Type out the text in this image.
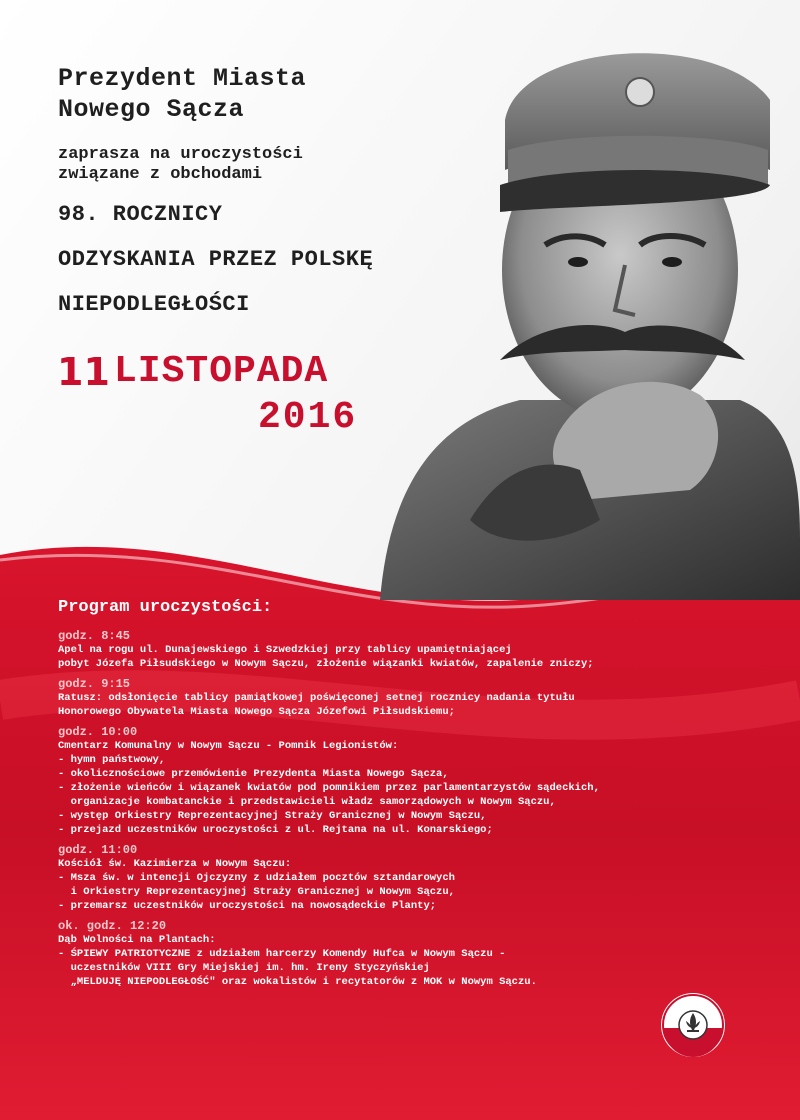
Prezydent Miasta
Nowego Sącza
zaprasza na uroczystości
związane z obchodami
98. ROCZNICY
ODZYSKANIA PRZEZ POLSKĘ
NIEPODLEGŁOŚCI
11 LISTOPADA
2016
Program uroczystości:
godz. 8:45
Apel na rogu ul. Dunajewskiego i Szwedzkiej przy tablicy upamiętniającej
pobyt Józefa Piłsudskiego w Nowym Sączu, złożenie wiązanki kwiatów, zapalenie zniczy;
godz. 9:15
Ratusz: odsłonięcie tablicy pamiątkowej poświęconej setnej rocznicy nadania tytułu
Honorowego Obywatela Miasta Nowego Sącza Józefowi Piłsudskiemu;
godz. 10:00
Cmentarz Komunalny w Nowym Sączu - Pomnik Legionistów:
- hymn państwowy,
- okolicznościowe przemówienie Prezydenta Miasta Nowego Sącza,
- złożenie wieńców i wiązanek kwiatów pod pomnikiem przez parlamentarzystów sądeckich,
organizacje kombatanckie i przedstawicieli władz samorządowych w Nowym Sączu,
- występ Orkiestry Reprezentacyjnej Straży Granicznej w Nowym Sączu,
- przejazd uczestników uroczystości z ul. Rejtana na ul. Konarskiego;
godz. 11:00
Kościół św. Kazimierza w Nowym Sączu:
- Msza św. w intencji Ojczyzny z udziałem pocztów sztandarowych
i Orkiestry Reprezentacyjnej Straży Granicznej w Nowym Sączu,
- przemarsz uczestników uroczystości na nowosądeckie Planty;
ok. godz. 12:20
Dąb Wolności na Plantach:
- ŚPIEWY PATRIOTYCZNE z udziałem harcerzy Komendy Hufca w Nowym Sączu -
uczestników VIII Gry Miejskiej im. hm. Ireny Styczyńskiej
„MELDUJĘ NIEPODLEGŁOŚĆ" oraz wokalistów i recytatorów z MOK w Nowym Sączu.
